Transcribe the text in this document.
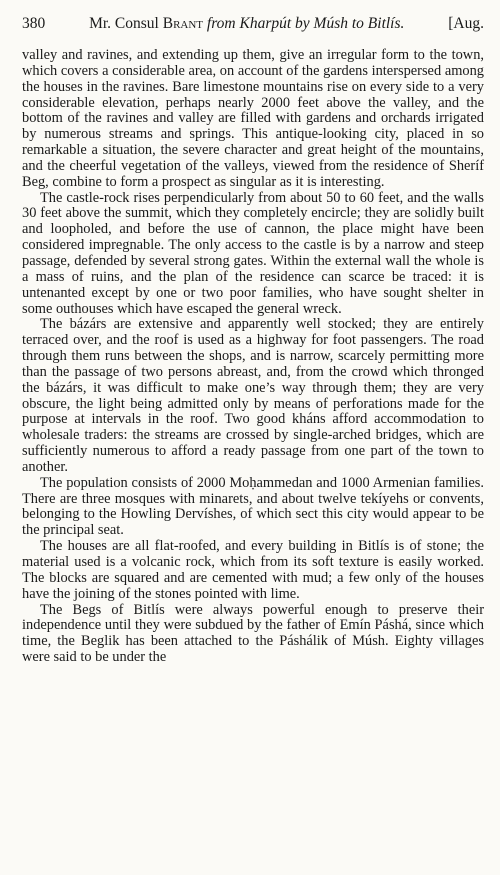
380	Mr. Consul Brant from Kharpút by Músh to Bitlís.	[Aug.

valley and ravines, and extending up them, give an irregular form to the town, which covers a considerable area, on account of the gardens interspersed among the houses in the ravines. Bare limestone mountains rise on every side to a very considerable elevation, perhaps nearly 2000 feet above the valley, and the bottom of the ravines and valley are filled with gardens and orchards irrigated by numerous streams and springs. This antique-looking city, placed in so remarkable a situation, the severe character and great height of the mountains, and the cheerful vegetation of the valleys, viewed from the residence of Sheríf Beg, combine to form a prospect as singular as it is interesting.

The castle-rock rises perpendicularly from about 50 to 60 feet, and the walls 30 feet above the summit, which they completely encircle; they are solidly built and loopholed, and before the use of cannon, the place might have been considered impregnable. The only access to the castle is by a narrow and steep passage, defended by several strong gates. Within the external wall the whole is a mass of ruins, and the plan of the residence can scarce be traced: it is untenanted except by one or two poor families, who have sought shelter in some outhouses which have escaped the general wreck.

The bázárs are extensive and apparently well stocked; they are entirely terraced over, and the roof is used as a highway for foot passengers. The road through them runs between the shops, and is narrow, scarcely permitting more than the passage of two persons abreast, and, from the crowd which thronged the bázárs, it was difficult to make one’s way through them; they are very obscure, the light being admitted only by means of perforations made for the purpose at intervals in the roof. Two good kháns afford accommodation to wholesale traders: the streams are crossed by single-arched bridges, which are sufficiently numerous to afford a ready passage from one part of the town to another.

The population consists of 2000 Moḥammedan and 1000 Armenian families. There are three mosques with minarets, and about twelve tekíyehs or convents, belonging to the Howling Dervíshes, of which sect this city would appear to be the principal seat.

The houses are all flat-roofed, and every building in Bitlís is of stone; the material used is a volcanic rock, which from its soft texture is easily worked. The blocks are squared and are cemented with mud; a few only of the houses have the joining of the stones pointed with lime.

The Begs of Bitlís were always powerful enough to preserve their independence until they were subdued by the father of Emín Páshá, since which time, the Beglik has been attached to the Páshálik of Músh. Eighty villages were said to be under the
